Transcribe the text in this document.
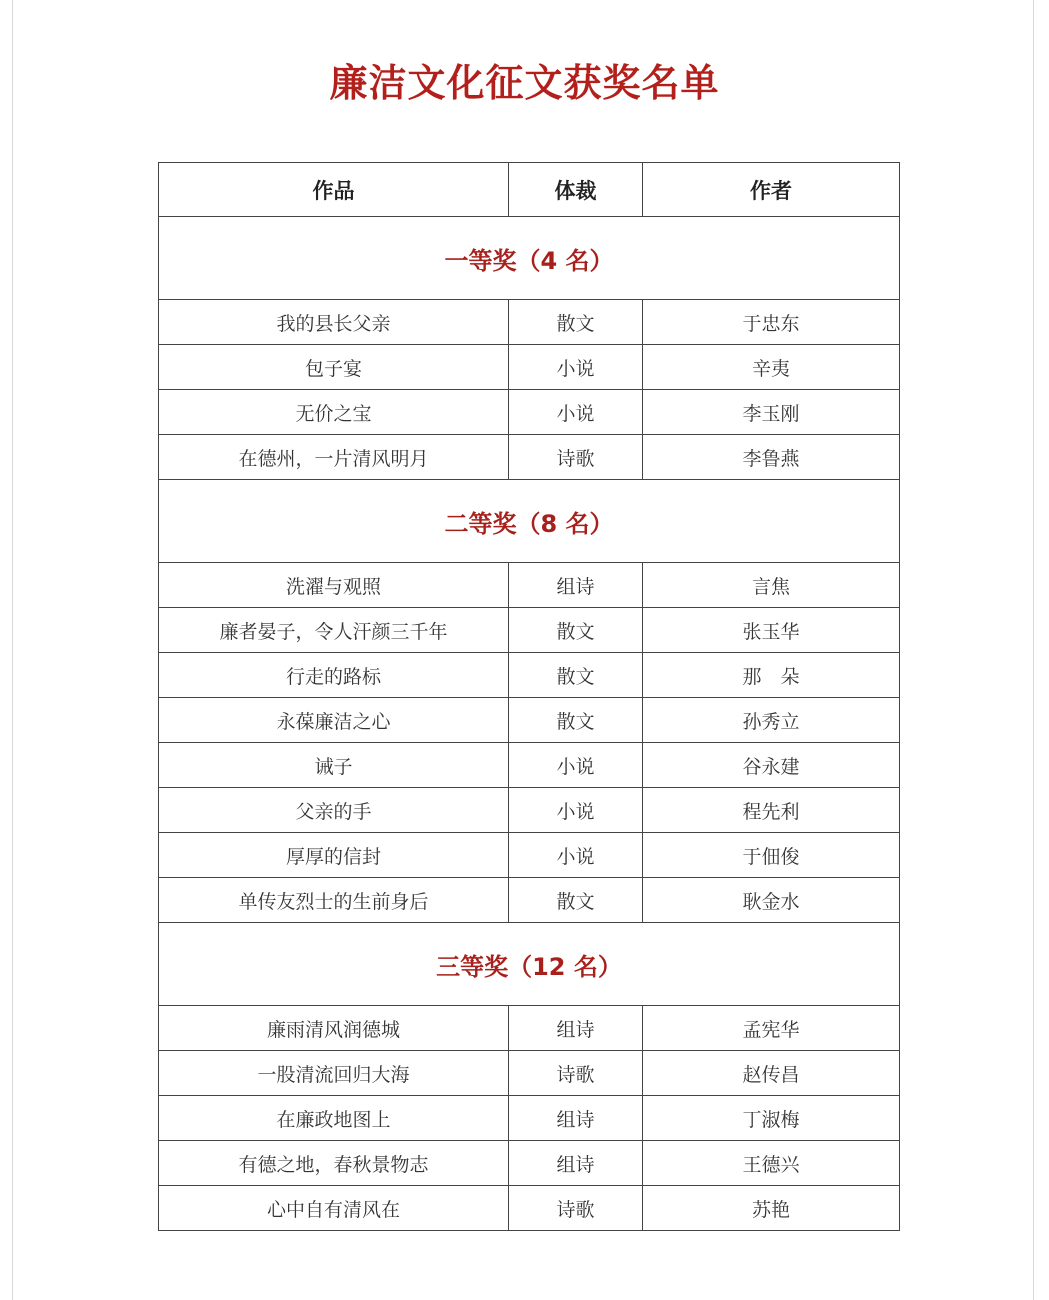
廉洁文化征文获奖名单
作品	体裁	作者
一等奖（4 名）		
我的县长父亲	散文	于忠东
包子宴	小说	辛夷
无价之宝	小说	李玉刚
在德州，一片清风明月	诗歌	李鲁燕
二等奖（8 名）		
洗濯与观照	组诗	言焦
廉者晏子，令人汗颜三千年	散文	张玉华
行走的路标	散文	那　朵
永葆廉洁之心	散文	孙秀立
诫子	小说	谷永建
父亲的手	小说	程先利
厚厚的信封	小说	于佃俊
单传友烈士的生前身后	散文	耿金水
三等奖（12 名）		
廉雨清风润德城	组诗	孟宪华
一股清流回归大海	诗歌	赵传昌
在廉政地图上	组诗	丁淑梅
有德之地，春秋景物志	组诗	王德兴
心中自有清风在	诗歌	苏艳
